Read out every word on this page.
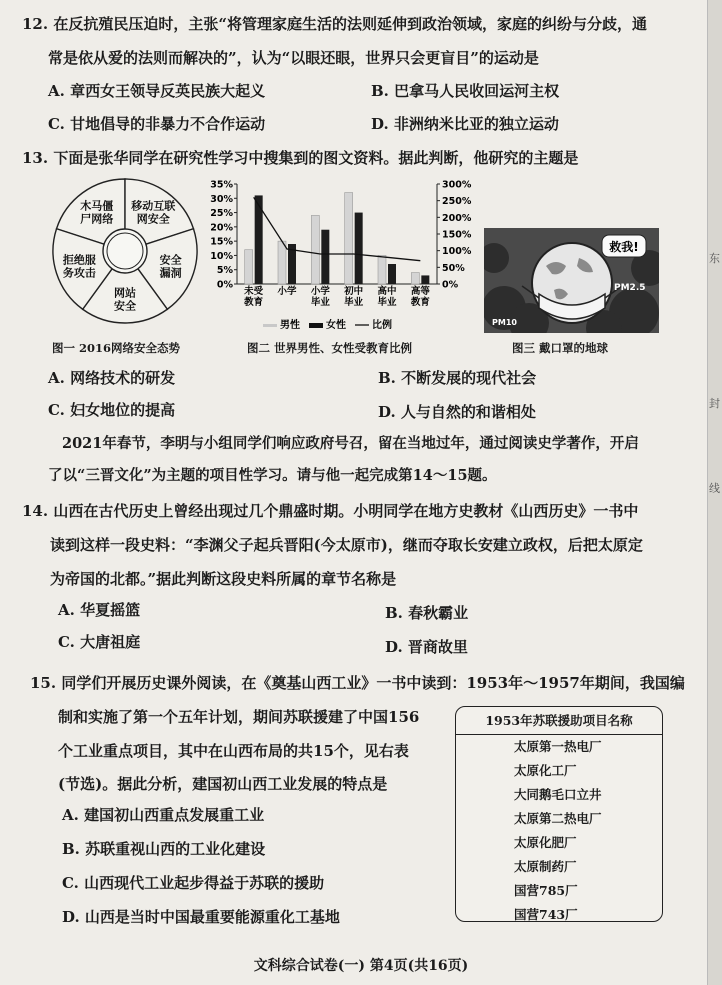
12. 在反抗殖民压迫时，主张“将管理家庭生活的法则延伸到政治领域，家庭的纠纷与分歧，通
常是依从爱的法则而解决的”，认为“以眼还眼，世界只会更盲目”的运动是
A. 章西女王领导反英民族大起义	B. 巴拿马人民收回运河主权
C. 甘地倡导的非暴力不合作运动	D. 非洲纳米比亚的独立运动
13. 下面是张华同学在研究性学习中搜集到的图文资料。据此判断，他研究的主题是
木马僵尸网络
移动互联网安全
安全漏洞
网站安全
拒绝服务攻击
图一 2016网络安全态势
35%
30%
25%
20%
15%
10%
5%
0%
300%
250%
200%
150%
100%
50%
0%
未受教育
小学 小学毕业
初中毕业
高中毕业
高等教育
男性	女性	比例
图二 世界男性、女性受教育比例
救我!
PM2.5
PM10
图三 戴口罩的地球
A. 网络技术的研发	B. 不断发展的现代社会
C. 妇女地位的提高	D. 人与自然的和谐相处
2021年春节，李明与小组同学们响应政府号召，留在当地过年，通过阅读史学著作，开启
了以“三晋文化”为主题的项目性学习。请与他一起完成第14～15题。
14. 山西在古代历史上曾经出现过几个鼎盛时期。小明同学在地方史教材《山西历史》一书中
读到这样一段史料：“李渊父子起兵晋阳(今太原市)，继而夺取长安建立政权，后把太原定
为帝国的北都。”据此判断这段史料所属的章节名称是
A. 华夏摇篮	B. 春秋霸业
C. 大唐祖庭	D. 晋商故里
15. 同学们开展历史课外阅读，在《奠基山西工业》一书中读到：1953年～1957年期间，我国编
制和实施了第一个五年计划，期间苏联援建了中国156
个工业重点项目，其中在山西布局的共15个，见右表
(节选)。据此分析，建国初山西工业发展的特点是
A. 建国初山西重点发展重工业
B. 苏联重视山西的工业化建设
C. 山西现代工业起步得益于苏联的援助
D. 山西是当时中国最重要能源重化工基地
1953年苏联援助项目名称
太原第一热电厂
太原化工厂
大同鹅毛口立井
太原第二热电厂
太原化肥厂
太原制药厂
国营785厂
国营743厂
文科综合试卷(一) 第4页(共16页)
东
封
线
